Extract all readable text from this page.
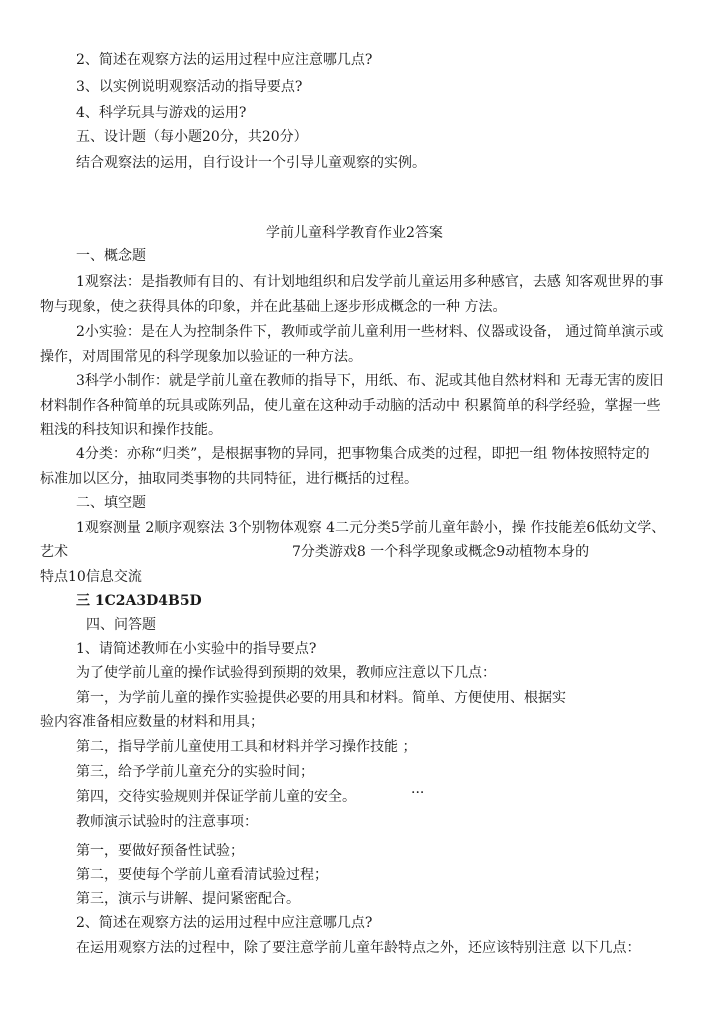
2、简述在观察方法的运用过程中应注意哪几点?
3、以实例说明观察活动的指导要点?
4、科学玩具与游戏的运用?
五、设计题（每小题20分，共20分）
结合观察法的运用，自行设计一个引导儿童观察的实例。
学前儿童科学教育作业2答案
一、概念题
1观察法：是指教师有目的、有计划地组织和启发学前儿童运用多种感官，去感 知客观世界的事
物与现象，使之获得具体的印象，并在此基础上逐步形成概念的一种 方法。
2小实验：是在人为控制条件下，教师或学前儿童利用一些材料、仪器或设备， 通过简单演示或
操作，对周围常见的科学现象加以验证的一种方法。
3科学小制作：就是学前儿童在教师的指导下，用纸、布、泥或其他自然材料和 无毒无害的废旧
材料制作各种简单的玩具或陈列品，使儿童在这种动手动脑的活动中 积累简单的科学经验，掌握一些
粗浅的科技知识和操作技能。
4分类：亦称“归类”，是根据事物的异同，把事物集合成类的过程，即把一组 物体按照特定的
标准加以区分，抽取同类事物的共同特征，进行概括的过程。
二、填空题
1观察测量 2顺序观察法 3个别物体观察 4二元分类5学前儿童年龄小，操 作技能差6低幼文学、
艺术	7分类游戏8 一个科学现象或概念9动植物本身的
特点10信息交流
三 1C2A3D4B5D
四、问答题
1、请简述教师在小实验中的指导要点?
为了使学前儿童的操作试验得到预期的效果，教师应注意以下几点：
第一，为学前儿童的操作实验提供必要的用具和材料。简单、方便使用、根据实
验内容准备相应数量的材料和用具；
第二，指导学前儿童使用工具和材料并学习操作技能 ；
第三，给予学前儿童充分的实验时间；
第四，交待实验规则并保证学前儿童的安全。	···
教师演示试验时的注意事项：
第一，要做好预备性试验；
第二，要使每个学前儿童看清试验过程；
第三，演示与讲解、提问紧密配合。
2、简述在观察方法的运用过程中应注意哪几点?
在运用观察方法的过程中，除了要注意学前儿童年龄特点之外，还应该特别注意 以下几点：
